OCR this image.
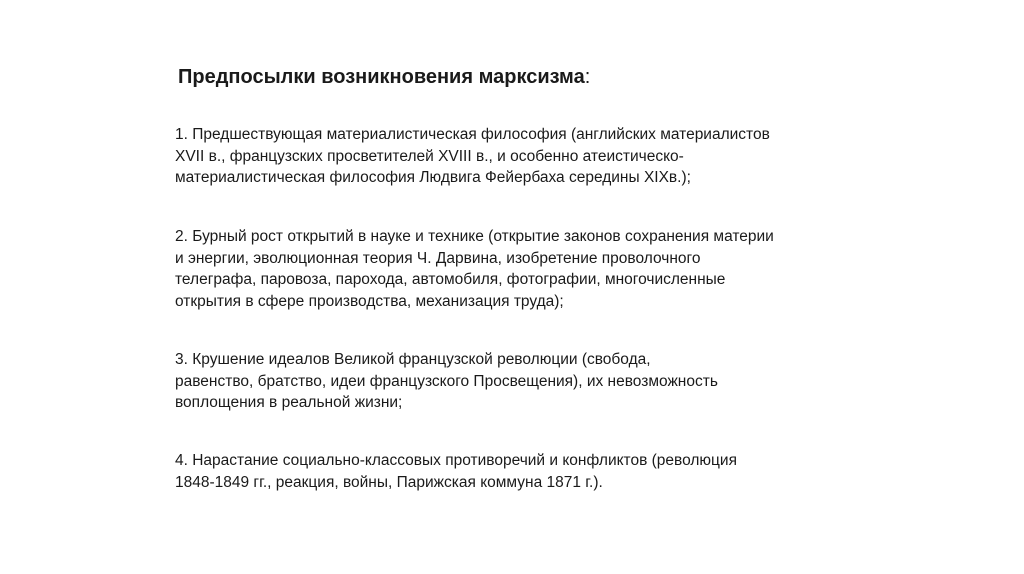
Предпосылки возникновения марксизма:

1. Предшествующая материалистическая философия (английских материалистов
XVII в., французских просветителей XVIII в., и особенно атеистическо-
материалистическая философия Людвига Фейербаха середины XIXв.);

2. Бурный рост открытий в науке и технике (открытие законов сохранения материи
и энергии, эволюционная теория Ч. Дарвина, изобретение проволочного
телеграфа, паровоза, парохода, автомобиля, фотографии, многочисленные
открытия в сфере производства, механизация труда);

3. Крушение идеалов Великой французской революции (свобода,
равенство, братство, идеи французского Просвещения), их невозможность
воплощения в реальной жизни;

4. Нарастание социально-классовых противоречий и конфликтов (революция
1848-1849 гг., реакция, войны, Парижская коммуна 1871 г.).
